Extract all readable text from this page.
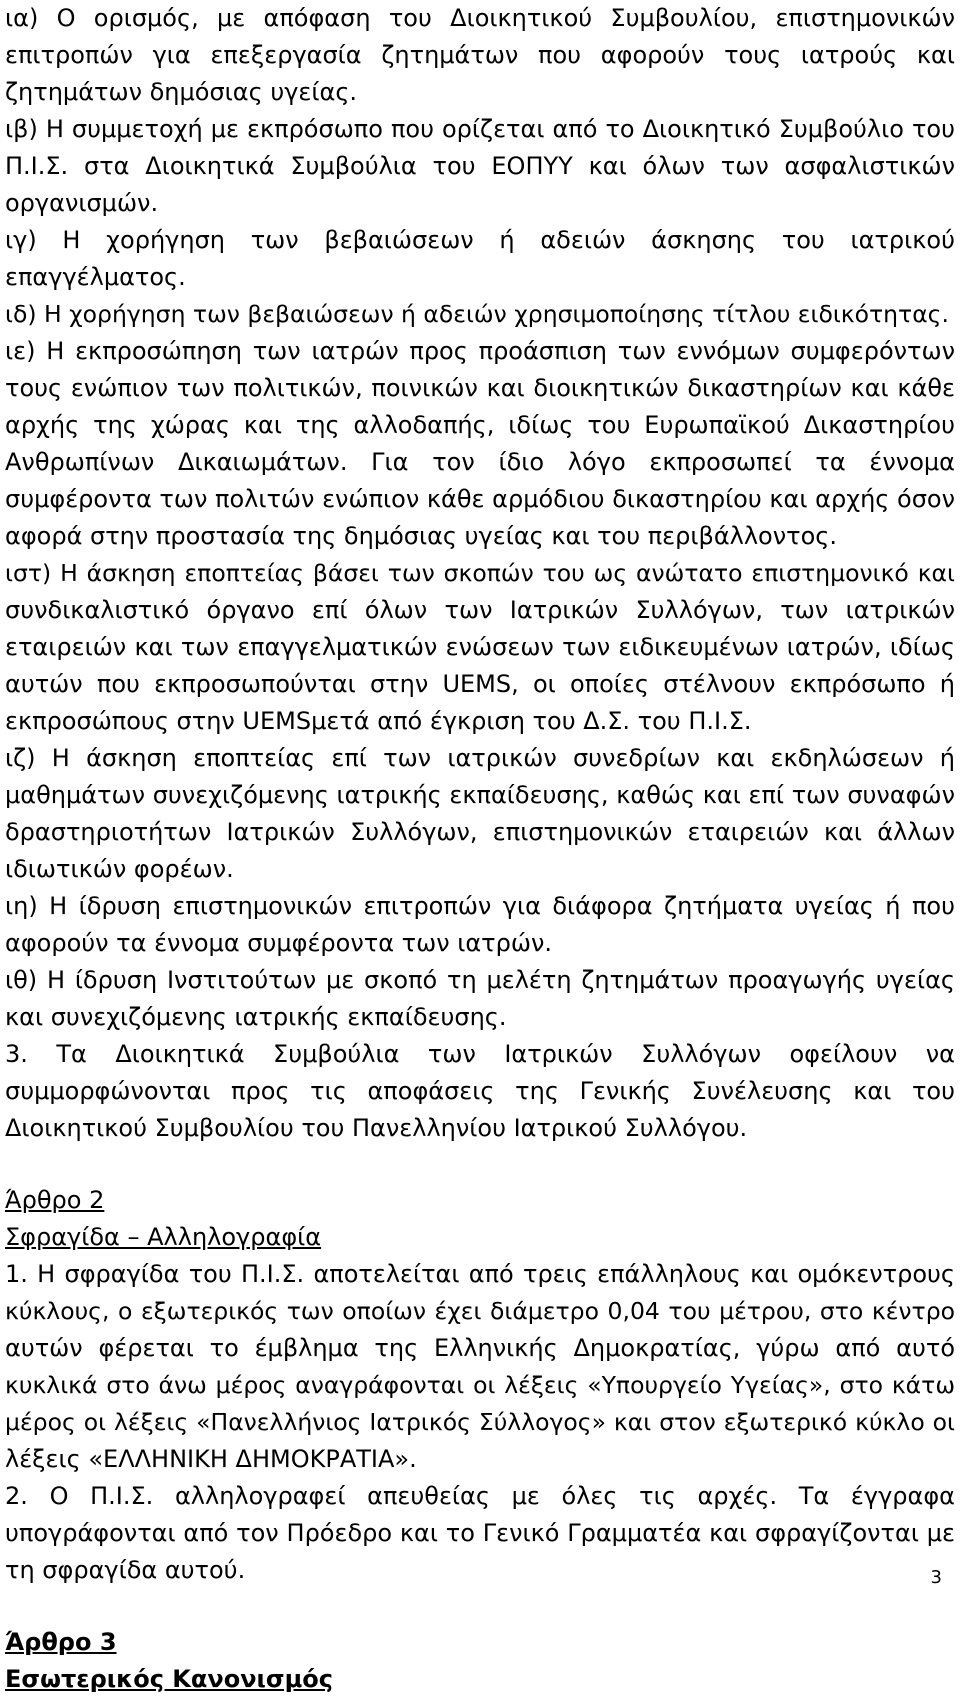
ια) Ο ορισμός, με απόφαση του Διοικητικού Συμβουλίου, επιστημονικών
επιτροπών για επεξεργασία ζητημάτων που αφορούν τους ιατρούς και
ζητημάτων δημόσιας υγείας.
ιβ) Η συμμετοχή με εκπρόσωπο που ορίζεται από το Διοικητικό Συμβούλιο του
Π.Ι.Σ. στα Διοικητικά Συμβούλια του ΕΟΠΥΥ και όλων των ασφαλιστικών
οργανισμών.
ιγ) Η χορήγηση των βεβαιώσεων ή αδειών άσκησης του ιατρικού
επαγγέλματος.
ιδ) Η χορήγηση των βεβαιώσεων ή αδειών χρησιμοποίησης τίτλου ειδικότητας.
ιε) Η εκπροσώπηση των ιατρών προς προάσπιση των εννόμων συμφερόντων
τους ενώπιον των πολιτικών, ποινικών και διοικητικών δικαστηρίων και κάθε
αρχής της χώρας και της αλλοδαπής, ιδίως του Ευρωπαϊκού Δικαστηρίου
Ανθρωπίνων Δικαιωμάτων. Για τον ίδιο λόγο εκπροσωπεί τα έννομα
συμφέροντα των πολιτών ενώπιον κάθε αρμόδιου δικαστηρίου και αρχής όσον
αφορά στην προστασία της δημόσιας υγείας και του περιβάλλοντος.
ιστ) Η άσκηση εποπτείας βάσει των σκοπών του ως ανώτατο επιστημονικό και
συνδικαλιστικό όργανο επί όλων των Ιατρικών Συλλόγων, των ιατρικών
εταιρειών και των επαγγελματικών ενώσεων των ειδικευμένων ιατρών, ιδίως
αυτών που εκπροσωπούνται στην UEMS, οι οποίες στέλνουν εκπρόσωπο ή
εκπροσώπους στην UEMSμετά από έγκριση του Δ.Σ. του Π.Ι.Σ.
ιζ) Η άσκηση εποπτείας επί των ιατρικών συνεδρίων και εκδηλώσεων ή
μαθημάτων συνεχιζόμενης ιατρικής εκπαίδευσης, καθώς και επί των συναφών
δραστηριοτήτων Ιατρικών Συλλόγων, επιστημονικών εταιρειών και άλλων
ιδιωτικών φορέων.
ιη) Η ίδρυση επιστημονικών επιτροπών για διάφορα ζητήματα υγείας ή που
αφορούν τα έννομα συμφέροντα των ιατρών.
ιθ) Η ίδρυση Ινστιτούτων με σκοπό τη μελέτη ζητημάτων προαγωγής υγείας
και συνεχιζόμενης ιατρικής εκπαίδευσης.
3. Τα Διοικητικά Συμβούλια των Ιατρικών Συλλόγων οφείλουν να
συμμορφώνονται προς τις αποφάσεις της Γενικής Συνέλευσης και του
Διοικητικού Συμβουλίου του Πανελληνίου Ιατρικού Συλλόγου.
Άρθρο 2
Σφραγίδα – Αλληλογραφία
1. Η σφραγίδα του Π.Ι.Σ. αποτελείται από τρεις επάλληλους και ομόκεντρους
κύκλους, ο εξωτερικός των οποίων έχει διάμετρο 0,04 του μέτρου, στο κέντρο
αυτών φέρεται το έμβλημα της Ελληνικής Δημοκρατίας, γύρω από αυτό
κυκλικά στο άνω μέρος αναγράφονται οι λέξεις «Υπουργείο Υγείας», στο κάτω
μέρος οι λέξεις «Πανελλήνιος Ιατρικός Σύλλογος» και στον εξωτερικό κύκλο οι
λέξεις «ΕΛΛΗΝΙΚΗ ΔΗΜΟΚΡΑΤΙΑ».
2. Ο Π.Ι.Σ. αλληλογραφεί απευθείας με όλες τις αρχές. Τα έγγραφα
υπογράφονται από τον Πρόεδρο και το Γενικό Γραμματέα και σφραγίζονται με
τη σφραγίδα αυτού.
Άρθρο 3
Εσωτερικός Κανονισμός
3
